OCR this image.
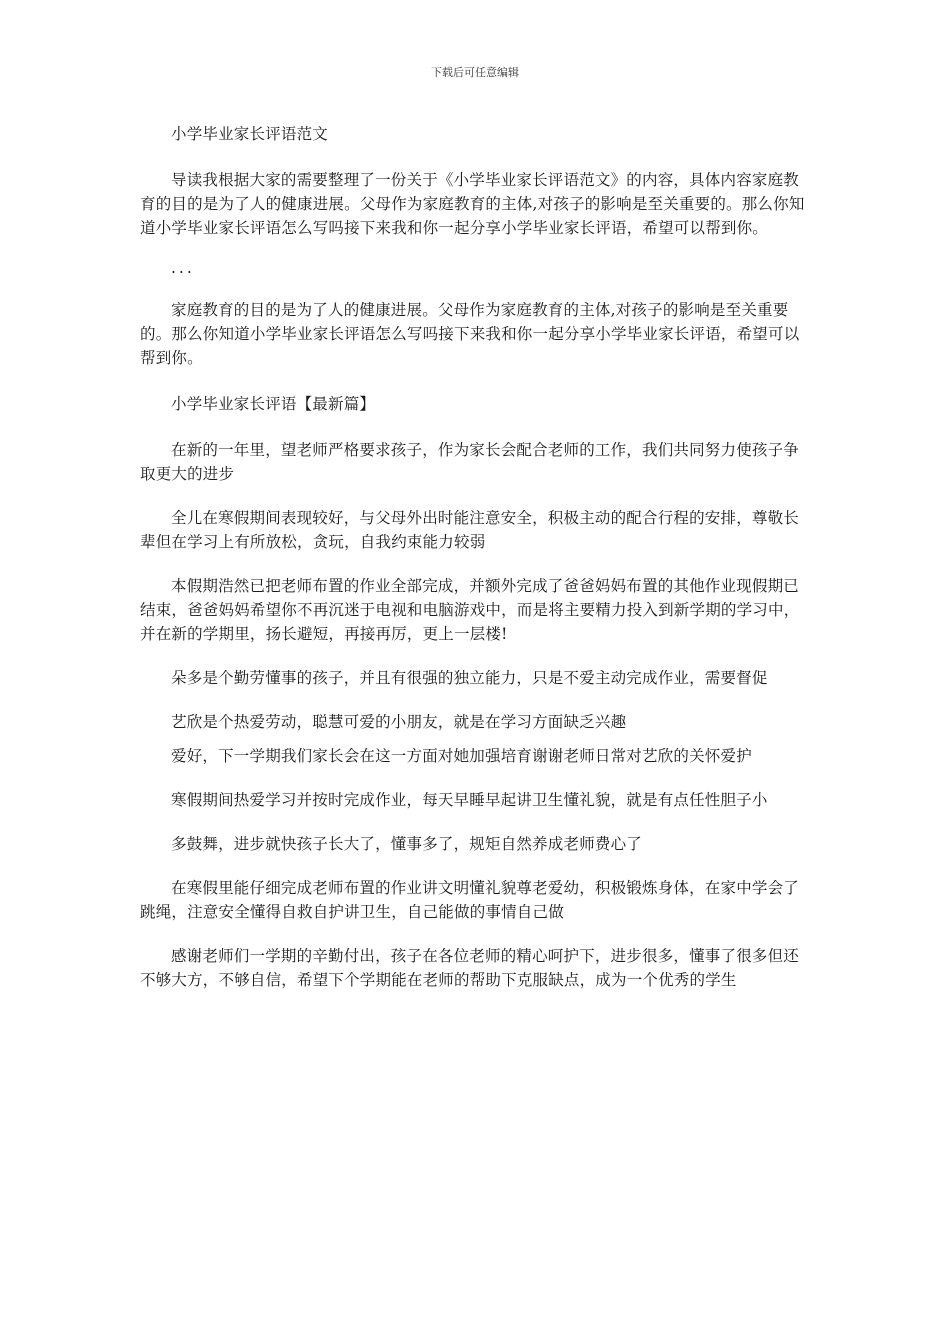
下载后可任意编辑

小学毕业家长评语范文

导读我根据大家的需要整理了一份关于《小学毕业家长评语范文》的内容，具体内容家庭教育的目的是为了人的健康进展。父母作为家庭教育的主体,对孩子的影响是至关重要的。那么你知道小学毕业家长评语怎么写吗接下来我和你一起分享小学毕业家长评语，希望可以帮到你。

...

家庭教育的目的是为了人的健康进展。父母作为家庭教育的主体,对孩子的影响是至关重要的。那么你知道小学毕业家长评语怎么写吗接下来我和你一起分享小学毕业家长评语，希望可以帮到你。

小学毕业家长评语【最新篇】

在新的一年里，望老师严格要求孩子，作为家长会配合老师的工作，我们共同努力使孩子争取更大的进步

全儿在寒假期间表现较好，与父母外出时能注意安全，积极主动的配合行程的安排，尊敬长辈但在学习上有所放松，贪玩，自我约束能力较弱

本假期浩然已把老师布置的作业全部完成，并额外完成了爸爸妈妈布置的其他作业现假期已结束，爸爸妈妈希望你不再沉迷于电视和电脑游戏中，而是将主要精力投入到新学期的学习中，并在新的学期里，扬长避短，再接再厉，更上一层楼!

朵多是个勤劳懂事的孩子，并且有很强的独立能力，只是不爱主动完成作业，需要督促

艺欣是个热爱劳动，聪慧可爱的小朋友，就是在学习方面缺乏兴趣

爱好，下一学期我们家长会在这一方面对她加强培育谢谢老师日常对艺欣的关怀爱护

寒假期间热爱学习并按时完成作业，每天早睡早起讲卫生懂礼貌，就是有点任性胆子小

多鼓舞，进步就快孩子长大了，懂事多了，规矩自然养成老师费心了

在寒假里能仔细完成老师布置的作业讲文明懂礼貌尊老爱幼，积极锻炼身体，在家中学会了跳绳，注意安全懂得自救自护讲卫生，自己能做的事情自己做

感谢老师们一学期的辛勤付出，孩子在各位老师的精心呵护下，进步很多，懂事了很多但还不够大方，不够自信，希望下个学期能在老师的帮助下克服缺点，成为一个优秀的学生
